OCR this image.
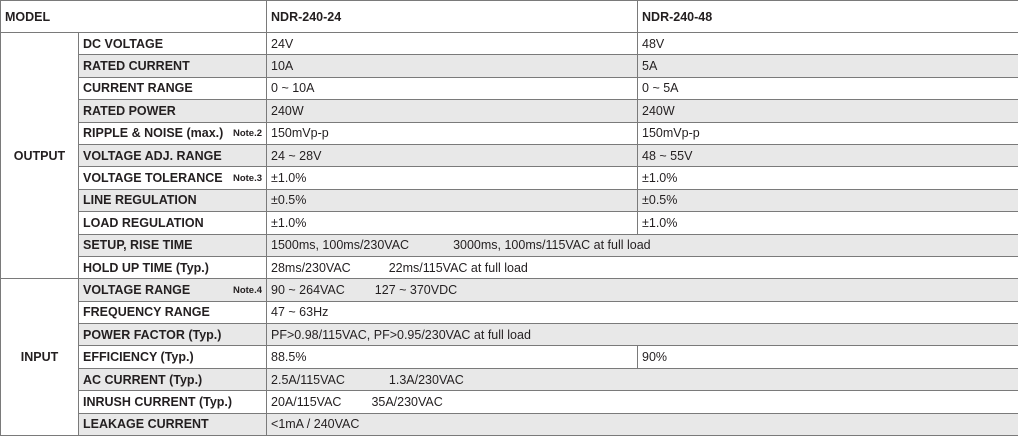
MODEL		NDR-240-24	NDR-240-48
OUTPUT	DC VOLTAGE	24V	48V
	RATED CURRENT	10A	5A
	CURRENT RANGE	0 ~ 10A	0 ~ 5A
	RATED POWER	240W	240W
	RIPPLE & NOISE (max.) Note.2	150mVp-p	150mVp-p
	VOLTAGE ADJ. RANGE	24 ~ 28V	48 ~ 55V
	VOLTAGE TOLERANCE Note.3	±1.0%	±1.0%
	LINE REGULATION	±0.5%	±0.5%
	LOAD REGULATION	±1.0%	±1.0%
	SETUP, RISE TIME	1500ms, 100ms/230VAC 3000ms, 100ms/115VAC at full load	
	HOLD UP TIME (Typ.)	28ms/230VAC 22ms/115VAC at full load	
INPUT	VOLTAGE RANGE Note.4	90 ~ 264VAC 127 ~ 370VDC	
	FREQUENCY RANGE	47 ~ 63Hz	
	POWER FACTOR (Typ.)	PF>0.98/115VAC, PF>0.95/230VAC at full load	
	EFFICIENCY (Typ.)	88.5%	90%
	AC CURRENT (Typ.)	2.5A/115VAC 1.3A/230VAC	
	INRUSH CURRENT (Typ.)	20A/115VAC 35A/230VAC	
	LEAKAGE CURRENT	<1mA / 240VAC	
